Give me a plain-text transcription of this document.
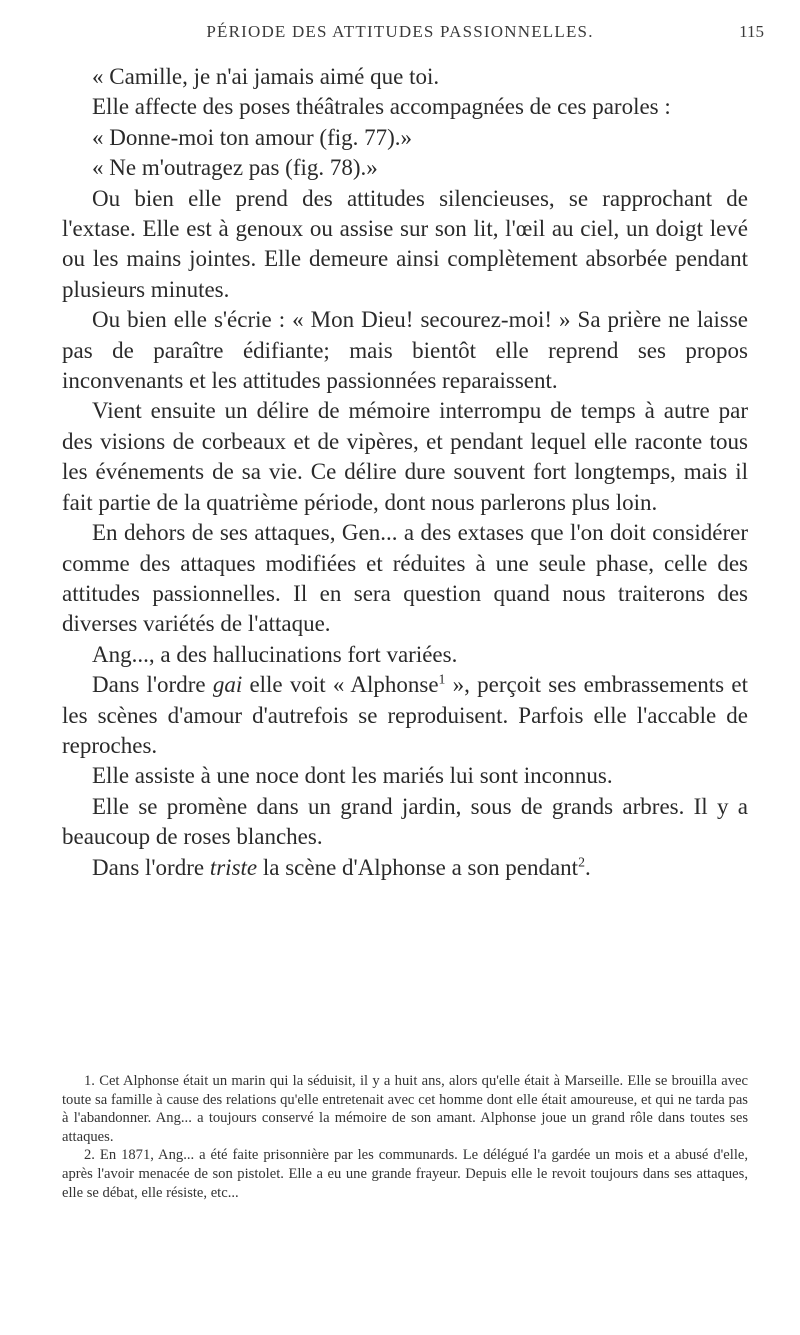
PÉRIODE DES ATTITUDES PASSIONNELLES.	115

« Camille, je n'ai jamais aimé que toi.

Elle affecte des poses théâtrales accompagnées de ces paroles :

« Donne-moi ton amour (fig. 77).»

« Ne m'outragez pas (fig. 78).»

Ou bien elle prend des attitudes silencieuses, se rapprochant de l'extase. Elle est à genoux ou assise sur son lit, l'œil au ciel, un doigt levé ou les mains jointes. Elle demeure ainsi complètement absorbée pendant plusieurs minutes.

Ou bien elle s'écrie : « Mon Dieu! secourez-moi! » Sa prière ne laisse pas de paraître édifiante; mais bientôt elle reprend ses propos inconvenants et les attitudes passionnées reparaissent.

Vient ensuite un délire de mémoire interrompu de temps à autre par des visions de corbeaux et de vipères, et pendant lequel elle raconte tous les événements de sa vie. Ce délire dure souvent fort longtemps, mais il fait partie de la quatrième période, dont nous parlerons plus loin.

En dehors de ses attaques, Gen... a des extases que l'on doit considérer comme des attaques modifiées et réduites à une seule phase, celle des attitudes passionnelles. Il en sera question quand nous traiterons des diverses variétés de l'attaque.

Ang..., a des hallucinations fort variées.

Dans l'ordre gai elle voit « Alphonse$^1$ », perçoit ses embrassements et les scènes d'amour d'autrefois se reproduisent. Parfois elle l'accable de reproches.

Elle assiste à une noce dont les mariés lui sont inconnus.

Elle se promène dans un grand jardin, sous de grands arbres. Il y a beaucoup de roses blanches.

Dans l'ordre triste la scène d'Alphonse a son pendant$^2$.

1. Cet Alphonse était un marin qui la séduisit, il y a huit ans, alors qu'elle était à Marseille. Elle se brouilla avec toute sa famille à cause des relations qu'elle entretenait avec cet homme dont elle était amoureuse, et qui ne tarda pas à l'abandonner. Ang... a toujours conservé la mémoire de son amant. Alphonse joue un grand rôle dans toutes ses attaques.

2. En 1871, Ang... a été faite prisonnière par les communards. Le délégué l'a gardée un mois et a abusé d'elle, après l'avoir menacée de son pistolet. Elle a eu une grande frayeur. Depuis elle le revoit toujours dans ses attaques, elle se débat, elle résiste, etc...
